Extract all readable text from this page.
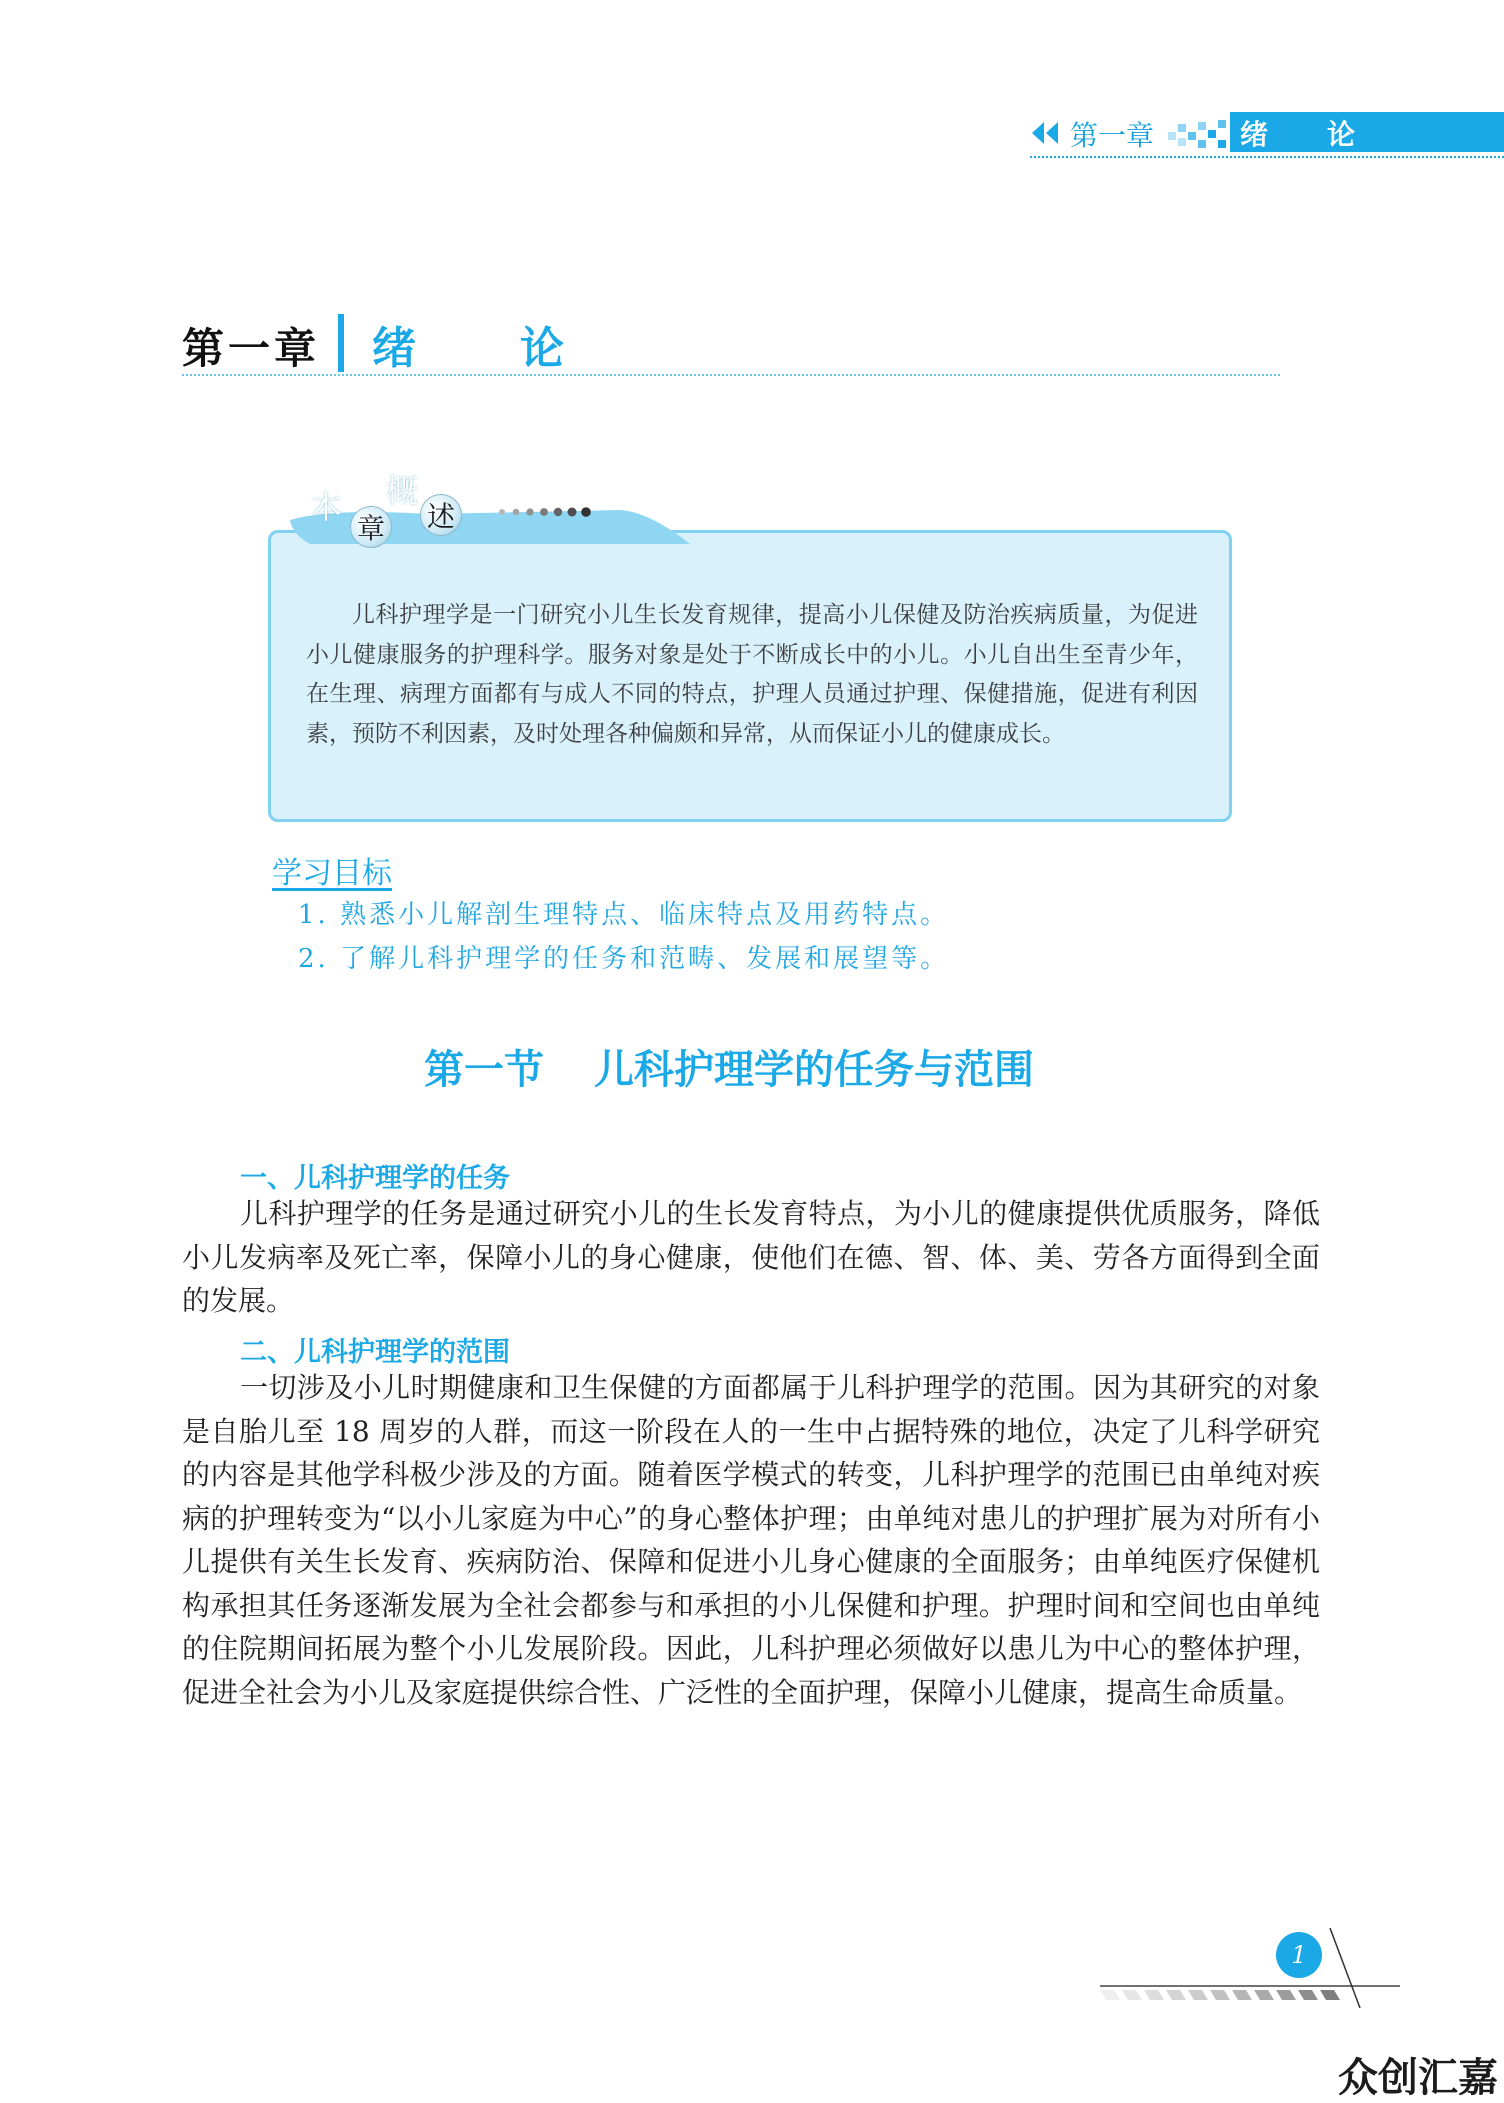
第一章	绪　　论
第一章 绪 论
本
章
概
述
儿科护理学是一门研究小儿生长发育规律，提高小儿保健及防治疾病质量，为促进小儿健康服务的护理科学。服务对象是处于不断成长中的小儿。小儿自出生至青少年，在生理、病理方面都有与成人不同的特点，护理人员通过护理、保健措施，促进有利因素，预防不利因素，及时处理各种偏颇和异常，从而保证小儿的健康成长。
学习目标
1. 熟悉小儿解剖生理特点、临床特点及用药特点。
2. 了解儿科护理学的任务和范畴、发展和展望等。
第一节 儿科护理学的任务与范围
一、儿科护理学的任务
儿科护理学的任务是通过研究小儿的生长发育特点，为小儿的健康提供优质服务，降低小儿发病率及死亡率，保障小儿的身心健康，使他们在德、智、体、美、劳各方面得到全面的发展。
二、儿科护理学的范围
一切涉及小儿时期健康和卫生保健的方面都属于儿科护理学的范围。因为其研究的对象是自胎儿至 18 周岁的人群，而这一阶段在人的一生中占据特殊的地位，决定了儿科学研究的内容是其他学科极少涉及的方面。随着医学模式的转变，儿科护理学的范围已由单纯对疾病的护理转变为“以小儿家庭为中心”的身心整体护理；由单纯对患儿的护理扩展为对所有小儿提供有关生长发育、疾病防治、保障和促进小儿身心健康的全面服务；由单纯医疗保健机构承担其任务逐渐发展为全社会都参与和承担的小儿保健和护理。护理时间和空间也由单纯的住院期间拓展为整个小儿发展阶段。因此，儿科护理必须做好以患儿为中心的整体护理，促进全社会为小儿及家庭提供综合性、广泛性的全面护理，保障小儿健康，提高生命质量。
1
众创汇嘉
